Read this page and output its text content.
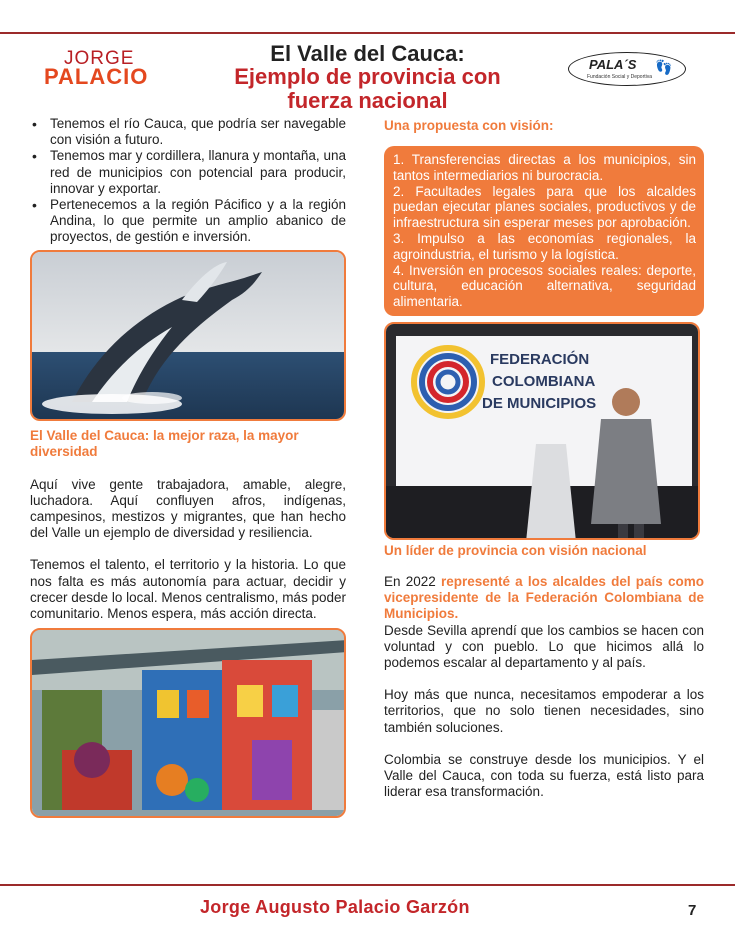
JORGE
PALACIO
El Valle del Cauca:
Ejemplo de provincia con
fuerza nacional
PALA´S
Fundación Social y Deportiva
👣
• Tenemos el río Cauca, que podría ser navegable con visión a futuro.
• Tenemos mar y cordillera, llanura y montaña, una red de municipios con potencial para producir, innovar y exportar.
• Pertenecemos a la región Pácifico y a la región Andina, lo que permite un amplio abanico de proyectos, de gestión e inversión.
El Valle del Cauca: la mejor raza, la mayor diversidad

Aquí vive gente trabajadora, amable, alegre, luchadora. Aquí confluyen afros, indígenas, campesinos, mestizos y migrantes, que han hecho del Valle un ejemplo de diversidad y resiliencia.

Tenemos el talento, el territorio y la historia. Lo que nos falta es más autonomía para actuar, decidir y crecer desde lo local. Menos centralismo, más poder comunitario. Menos espera, más acción directa.

Una propuesta con visión:

1. Transferencias directas a los municipios, sin tantos intermediarios ni burocracia.

2. Facultades legales para que los alcaldes puedan ejecutar planes sociales, productivos y de infraestructura sin esperar meses por aprobación.

3. Impulso a las economías regionales, la agroindustria, el turismo y la logística.

4. Inversión en procesos sociales reales: deporte, cultura, educación alternativa, seguridad alimentaria.

FEDERACIÓN
COLOMBIANA
DE MUNICIPIOS
Un líder de provincia con visión nacional

En 2022 representé a los alcaldes del país como vicepresidente de la Federación Colombiana de Municipios.

Desde Sevilla aprendí que los cambios se hacen con voluntad y con pueblo. Lo que hicimos allá lo podemos escalar al departamento y al país.

Hoy más que nunca, necesitamos empoderar a los territorios, que no solo tienen necesidades, sino también soluciones.

Colombia se construye desde los municipios. Y el Valle del Cauca, con toda su fuerza, está listo para liderar esa transformación.

Jorge Augusto Palacio Garzón	7
